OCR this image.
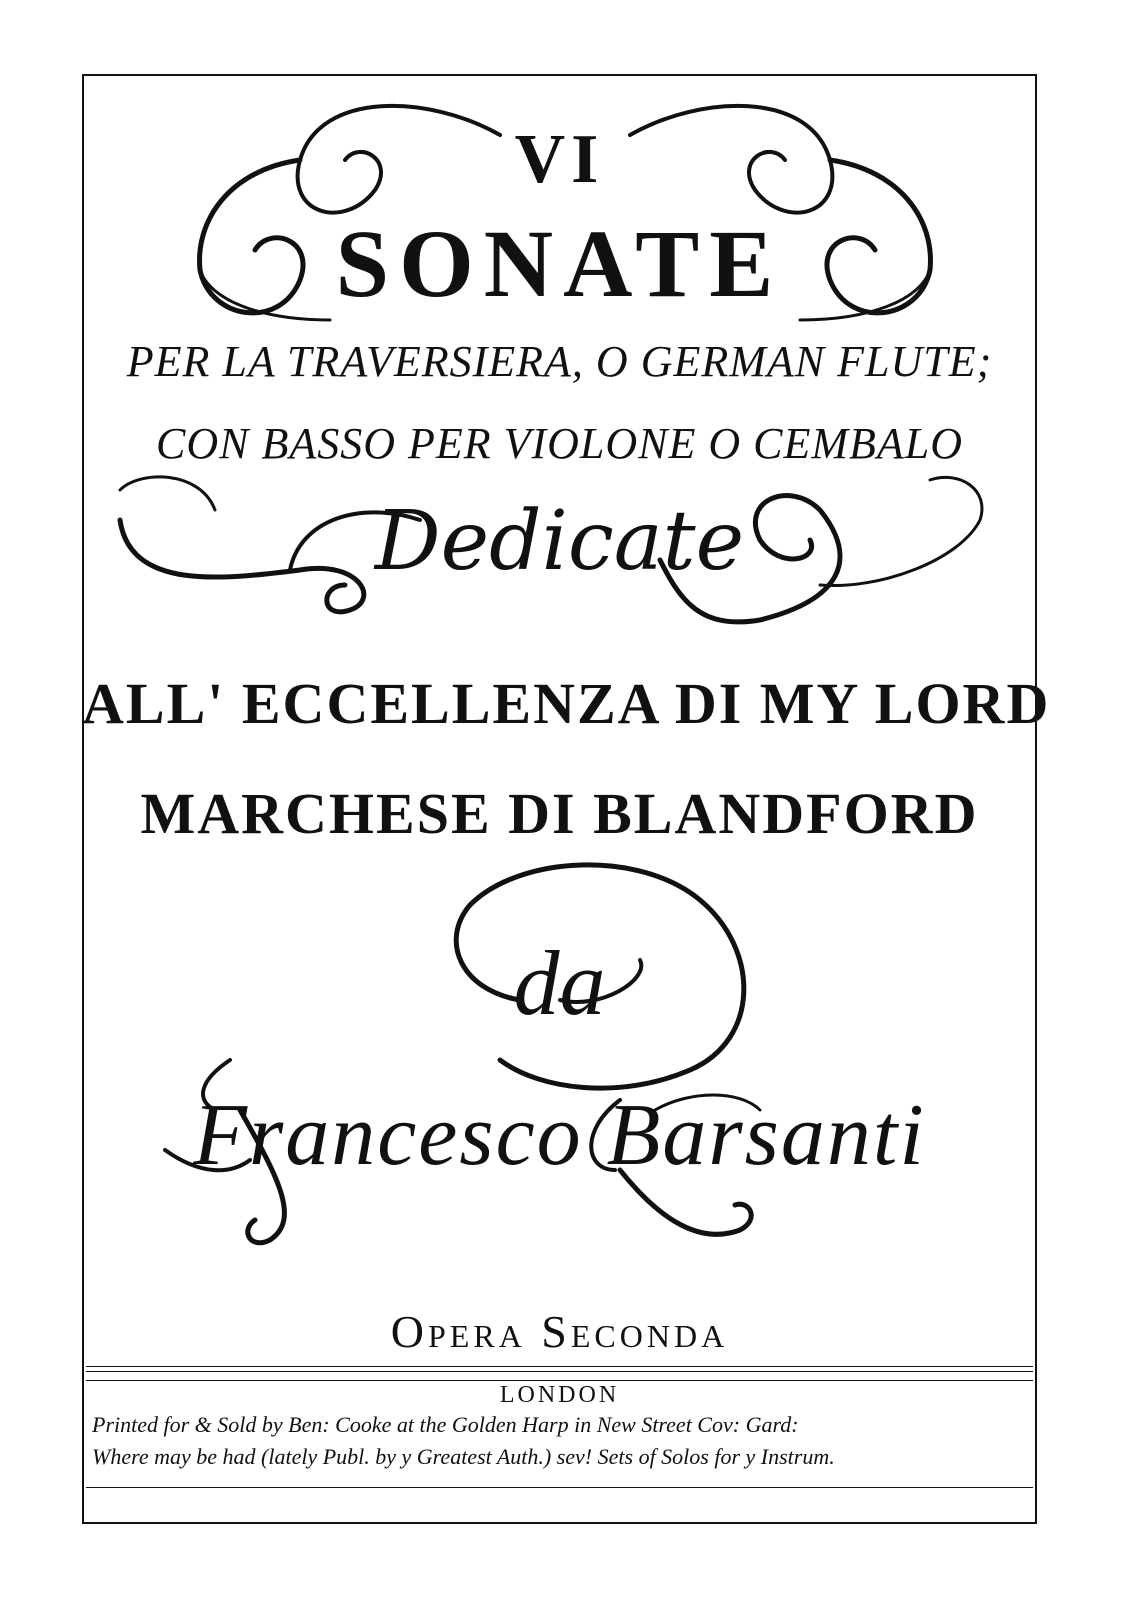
VI
SONATE
PER LA TRAVERSIERA, O GERMAN FLUTE;
CON BASSO PER VIOLONE O CEMBALO
Dedicate
ALL' ECCELLENZA DI MY LORD
MARCHESE DI BLANDFORD
da
Francesco Barsanti
Opera Seconda
LONDON
Printed for & Sold by Ben: Cooke at the Golden Harp in New Street Cov: Gard:
Where may be had (lately Publ. by y Greatest Auth.) sev! Sets of Solos for y Instrum.
